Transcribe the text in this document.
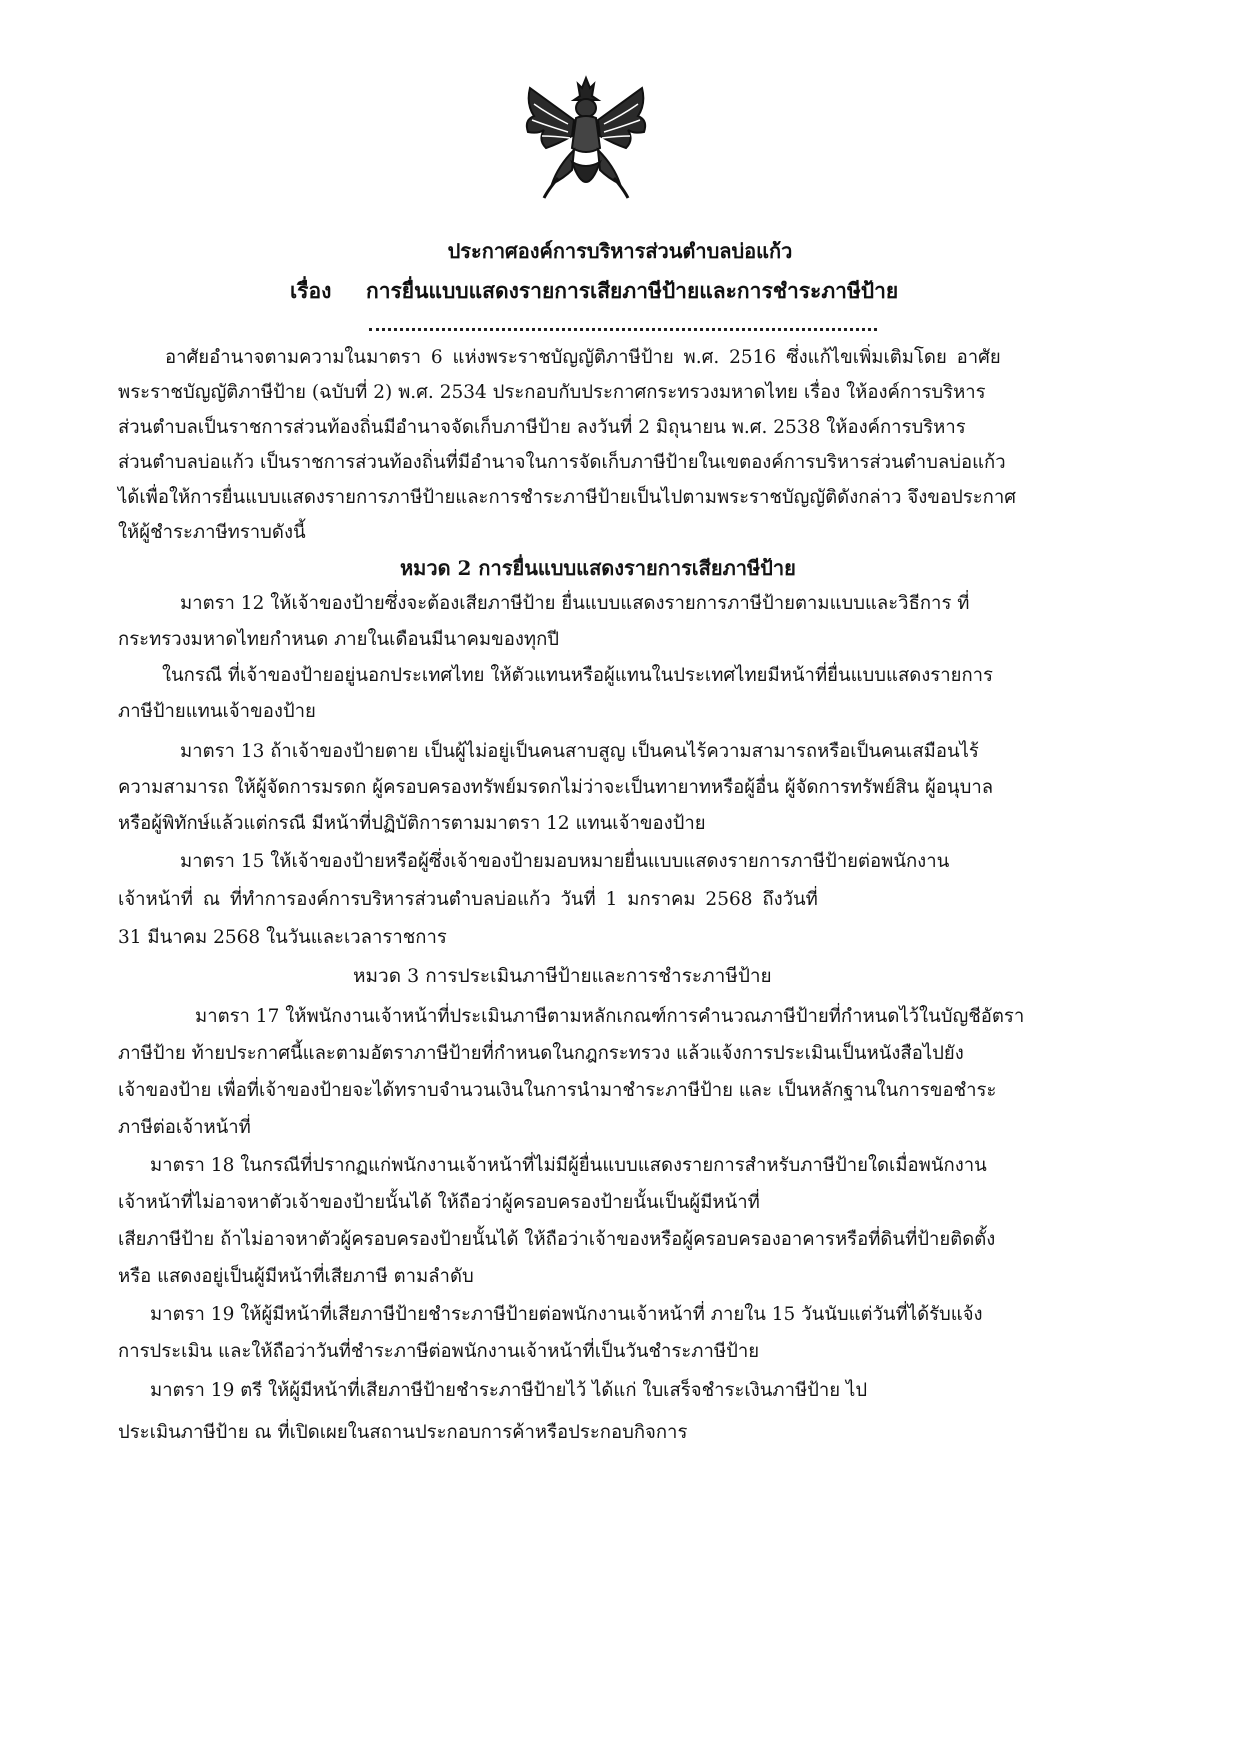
ประกาศองค์การบริหารส่วนตำบลบ่อแก้ว
เรื่อง การยื่นแบบแสดงรายการเสียภาษีป้ายและการชำระภาษีป้าย
อาศัยอำนาจตามความในมาตรา 6 แห่งพระราชบัญญัติภาษีป้าย พ.ศ. 2516 ซึ่งแก้ไขเพิ่มเติมโดย อาศัย
พระราชบัญญัติภาษีป้าย (ฉบับที่ 2) พ.ศ. 2534 ประกอบกับประกาศกระทรวงมหาดไทย เรื่อง ให้องค์การบริหาร
ส่วนตำบลเป็นราชการส่วนท้องถิ่นมีอำนาจจัดเก็บภาษีป้าย ลงวันที่ 2 มิถุนายน พ.ศ. 2538 ให้องค์การบริหาร
ส่วนตำบลบ่อแก้ว เป็นราชการส่วนท้องถิ่นที่มีอำนาจในการจัดเก็บภาษีป้ายในเขตองค์การบริหารส่วนตำบลบ่อแก้ว
ได้เพื่อให้การยื่นแบบแสดงรายการภาษีป้ายและการชำระภาษีป้ายเป็นไปตามพระราชบัญญัติดังกล่าว จึงขอประกาศ
ให้ผู้ชำระภาษีทราบดังนี้
หมวด 2 การยื่นแบบแสดงรายการเสียภาษีป้าย
มาตรา 12 ให้เจ้าของป้ายซึ่งจะต้องเสียภาษีป้าย ยื่นแบบแสดงรายการภาษีป้ายตามแบบและวิธีการ ที่
กระทรวงมหาดไทยกำหนด ภายในเดือนมีนาคมของทุกปี
ในกรณี ที่เจ้าของป้ายอยู่นอกประเทศไทย ให้ตัวแทนหรือผู้แทนในประเทศไทยมีหน้าที่ยื่นแบบแสดงรายการ
ภาษีป้ายแทนเจ้าของป้าย
มาตรา 13 ถ้าเจ้าของป้ายตาย เป็นผู้ไม่อยู่เป็นคนสาบสูญ เป็นคนไร้ความสามารถหรือเป็นคนเสมือนไร้
ความสามารถ ให้ผู้จัดการมรดก ผู้ครอบครองทรัพย์มรดกไม่ว่าจะเป็นทายาทหรือผู้อื่น ผู้จัดการทรัพย์สิน ผู้อนุบาล
หรือผู้พิทักษ์แล้วแต่กรณี มีหน้าที่ปฏิบัติการตามมาตรา 12 แทนเจ้าของป้าย
มาตรา 15 ให้เจ้าของป้ายหรือผู้ซึ่งเจ้าของป้ายมอบหมายยื่นแบบแสดงรายการภาษีป้ายต่อพนักงาน
เจ้าหน้าที่ ณ ที่ทำการองค์การบริหารส่วนตำบลบ่อแก้ว วันที่ 1 มกราคม 2568 ถึงวันที่
31 มีนาคม 2568 ในวันและเวลาราชการ
หมวด 3 การประเมินภาษีป้ายและการชำระภาษีป้าย
มาตรา 17 ให้พนักงานเจ้าหน้าที่ประเมินภาษีตามหลักเกณฑ์การคำนวณภาษีป้ายที่กำหนดไว้ในบัญชีอัตรา
ภาษีป้าย ท้ายประกาศนี้และตามอัตราภาษีป้ายที่กำหนดในกฎกระทรวง แล้วแจ้งการประเมินเป็นหนังสือไปยัง
เจ้าของป้าย เพื่อที่เจ้าของป้ายจะได้ทราบจำนวนเงินในการนำมาชำระภาษีป้าย และ เป็นหลักฐานในการขอชำระ
ภาษีต่อเจ้าหน้าที่
มาตรา 18 ในกรณีที่ปรากฏแก่พนักงานเจ้าหน้าที่ไม่มีผู้ยื่นแบบแสดงรายการสำหรับภาษีป้ายใดเมื่อพนักงาน
เจ้าหน้าที่ไม่อาจหาตัวเจ้าของป้ายนั้นได้ ให้ถือว่าผู้ครอบครองป้ายนั้นเป็นผู้มีหน้าที่
เสียภาษีป้าย ถ้าไม่อาจหาตัวผู้ครอบครองป้ายนั้นได้ ให้ถือว่าเจ้าของหรือผู้ครอบครองอาคารหรือที่ดินที่ป้ายติดตั้ง
หรือ แสดงอยู่เป็นผู้มีหน้าที่เสียภาษี ตามลำดับ
มาตรา 19 ให้ผู้มีหน้าที่เสียภาษีป้ายชำระภาษีป้ายต่อพนักงานเจ้าหน้าที่ ภายใน 15 วันนับแต่วันที่ได้รับแจ้ง
การประเมิน และให้ถือว่าวันที่ชำระภาษีต่อพนักงานเจ้าหน้าที่เป็นวันชำระภาษีป้าย
มาตรา 19 ตรี ให้ผู้มีหน้าที่เสียภาษีป้ายชำระภาษีป้ายไว้ ได้แก่ ใบเสร็จชำระเงินภาษีป้าย ไป
ประเมินภาษีป้าย ณ ที่เปิดเผยในสถานประกอบการค้าหรือประกอบกิจการ
